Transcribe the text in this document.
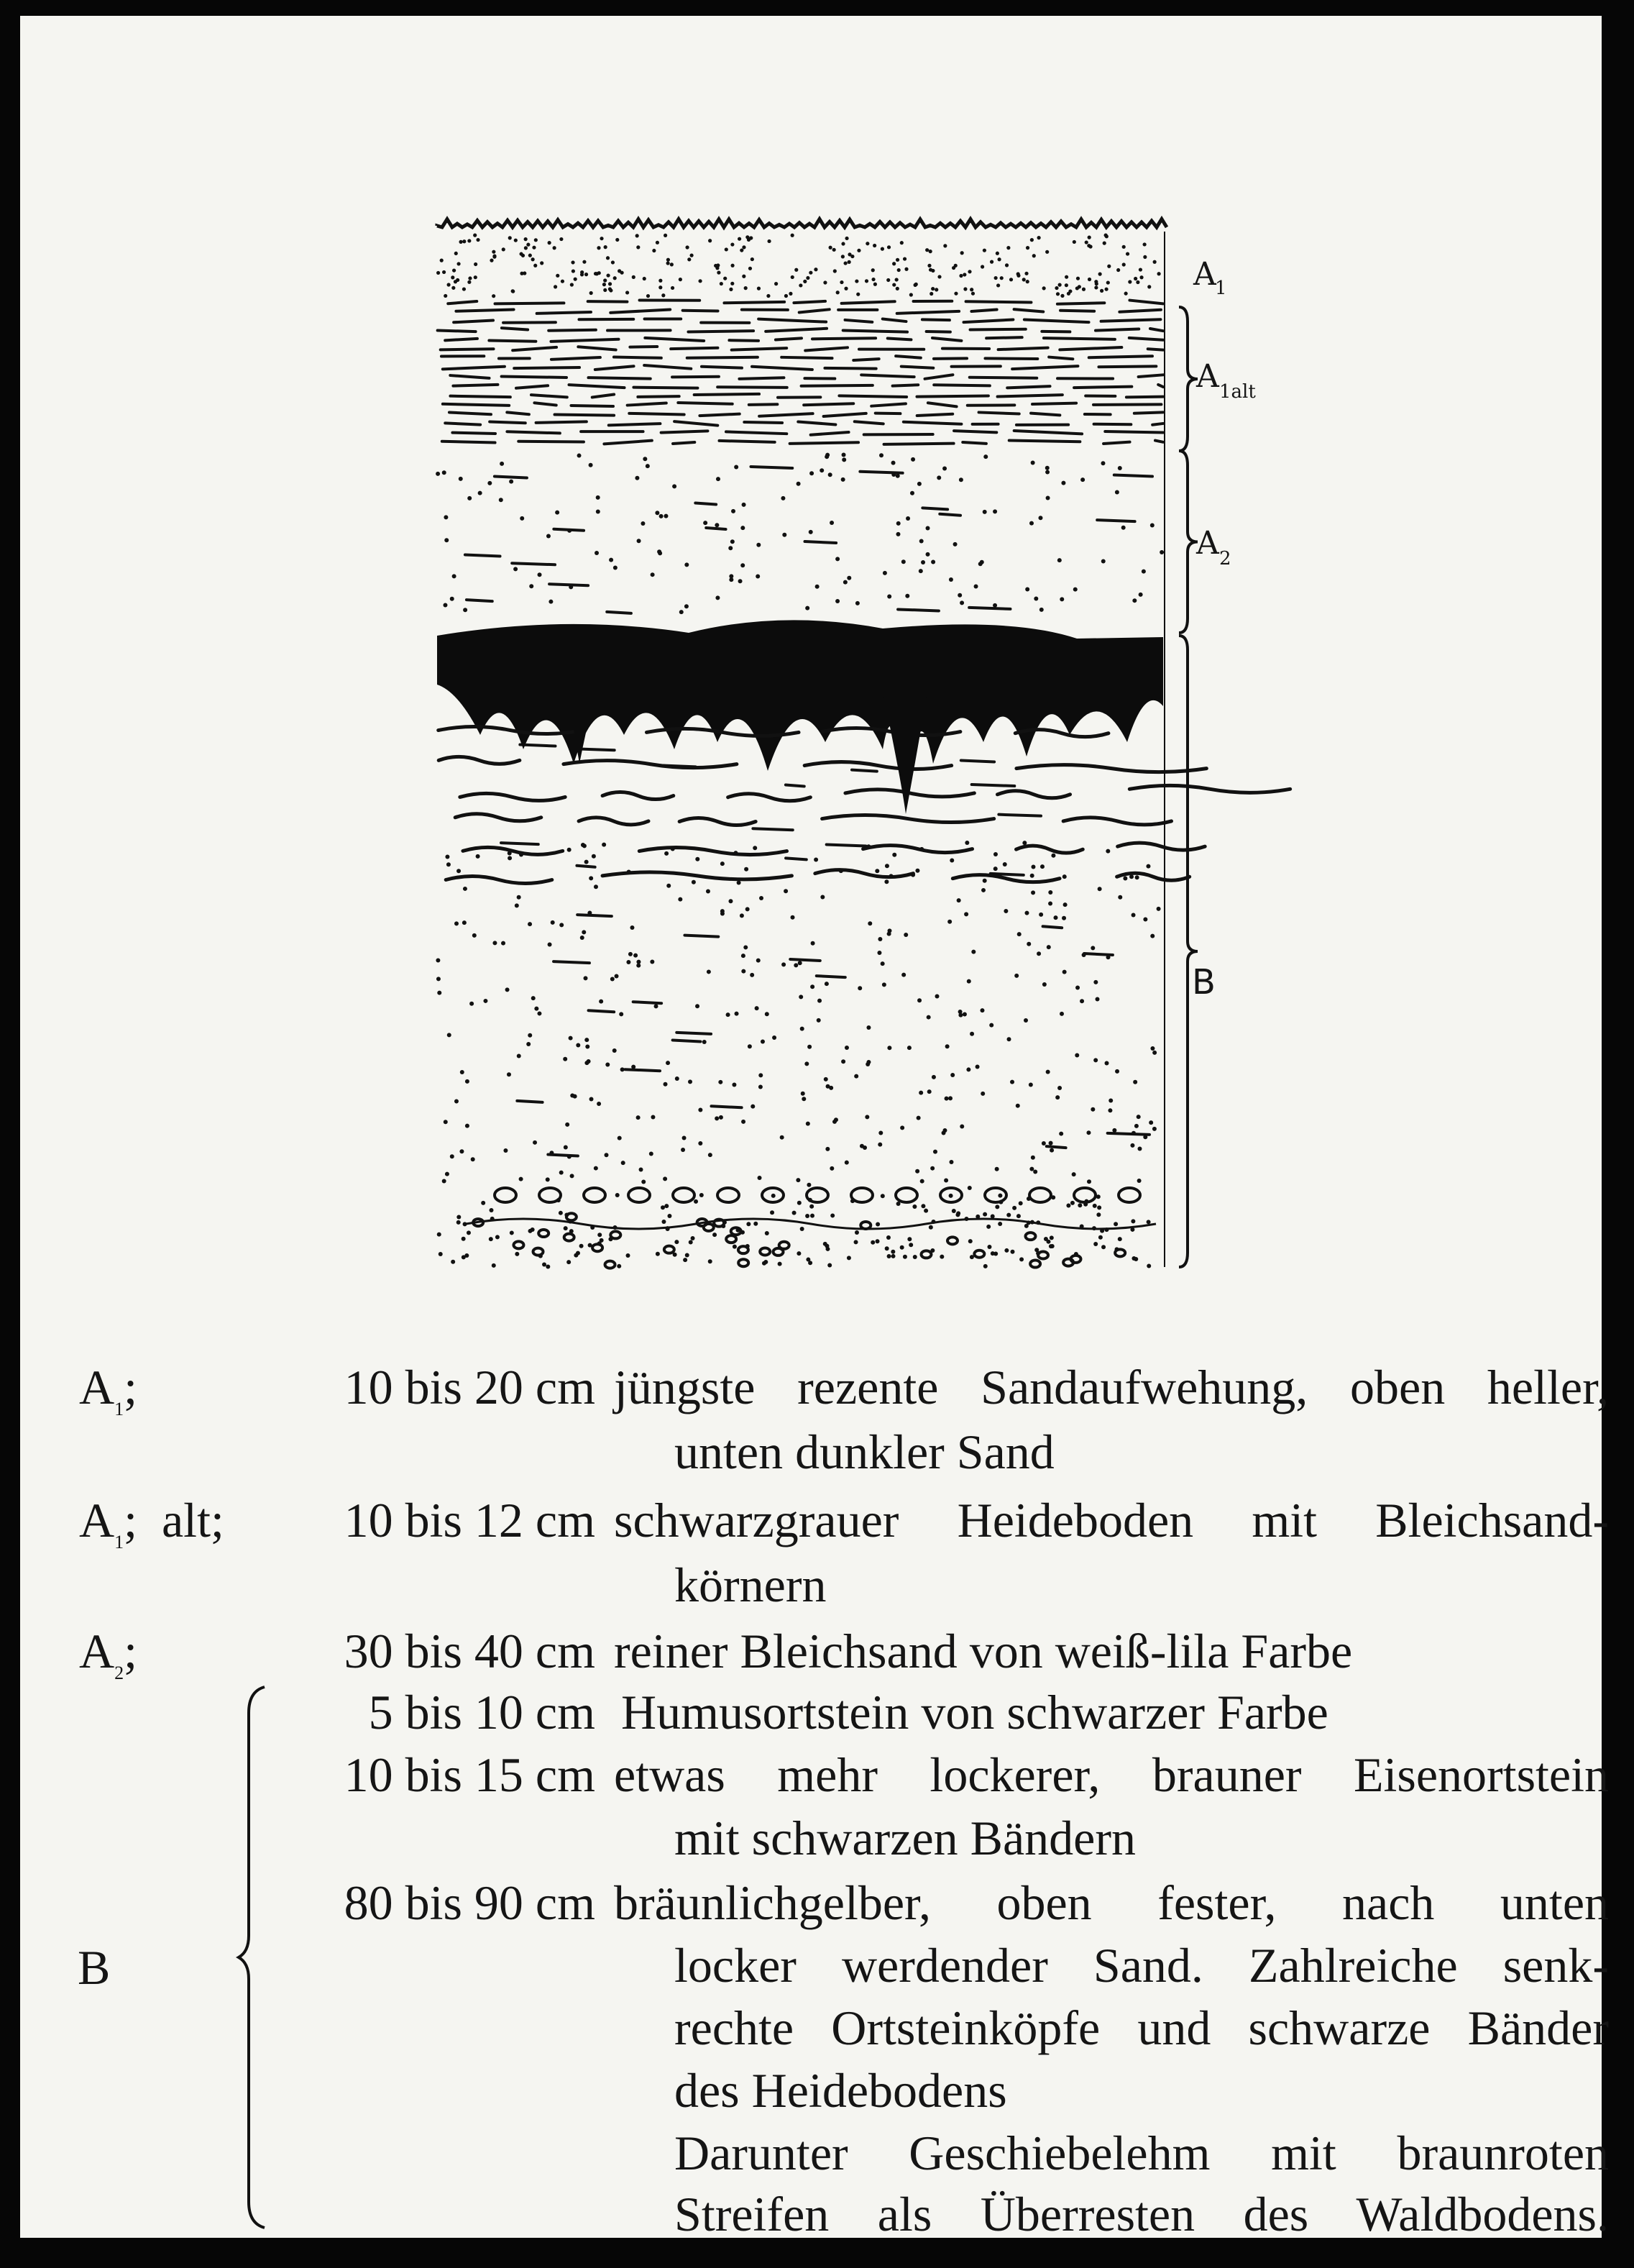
A
1
A 1alt
A 2
B
$A_1$;	10 bis 20 cm jüngste rezente Sandaufwehung, oben heller,
unten dunkler Sand
$A_1$;  alt;	10 bis 12 cm schwarzgrauer Heideboden mit Bleichsand-
körnern
$A_2$;	30 bis 40 cm reiner Bleichsand von weiß-lila Farbe
B
5 bis 10 cm Humusortstein von schwarzer Farbe
10 bis 15 cm etwas mehr lockerer, brauner Eisenortstein
mit schwarzen Bändern
80 bis 90 cm bräunlichgelber, oben fester, nach unten
locker werdender Sand. Zahlreiche senk-
rechte Ortsteinköpfe und schwarze Bänder
des Heidebodens
Darunter Geschiebelehm mit braunroten
Streifen als Überresten des Waldbodens.
